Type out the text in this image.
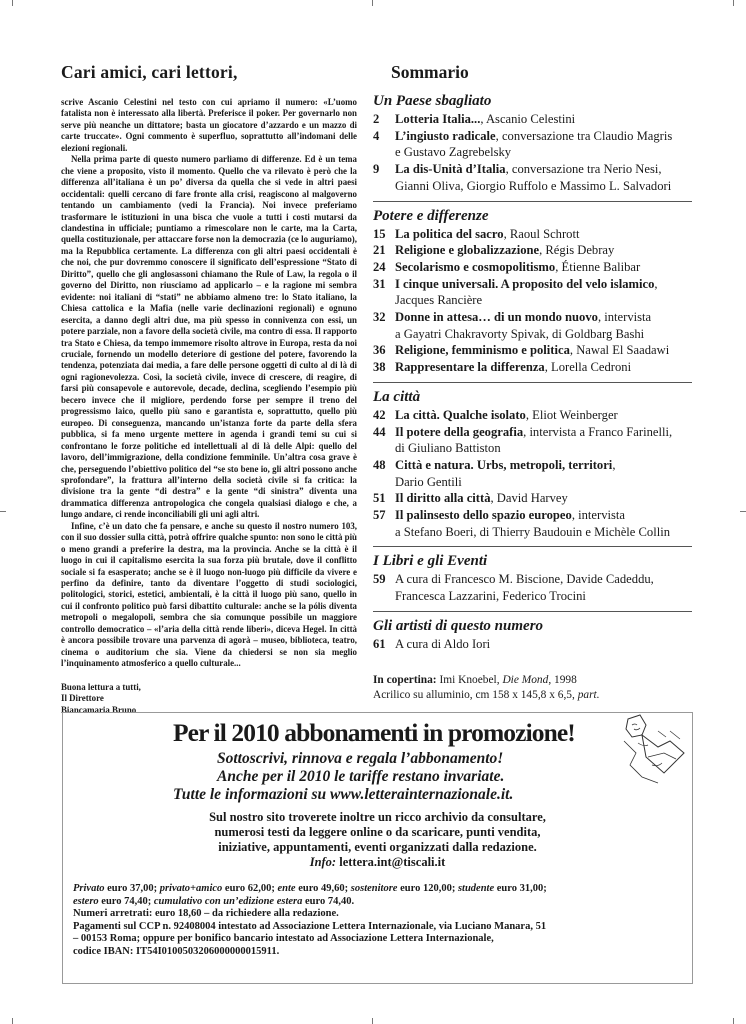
Cari amici, cari lettori,

scrive Ascanio Celestini nel testo con cui apriamo il numero: «L’uomo fatalista non è interessato alla libertà. Preferisce il poker. Per governarlo non serve più neanche un dittatore; basta un giocatore d’azzardo e un mazzo di carte truccate». Ogni commento è superfluo, soprattutto all’indomani delle elezioni regionali.

Nella prima parte di questo numero parliamo di differenze. Ed è un tema che viene a proposito, visto il momento. Quello che va rilevato è però che la differenza all’italiana è un po’ diversa da quella che si vede in altri paesi occidentali: quelli cercano di fare fronte alla crisi, reagiscono al malgoverno tentando un cambiamento (vedi la Francia). Noi invece preferiamo trasformare le istituzioni in una bisca che vuole a tutti i costi mutarsi da clandestina in ufficiale; puntiamo a rimescolare non le carte, ma la Carta, quella costituzionale, per attaccare forse non la democrazia (ce lo auguriamo), ma la Repubblica certamente. La differenza con gli altri paesi occidentali è che noi, che pur dovremmo conoscere il significato dell’espressione “Stato di Diritto”, quello che gli anglosassoni chiamano the Rule of Law, la regola o il governo del Diritto, non riusciamo ad applicarlo – e la ragione mi sembra evidente: noi italiani di “stati” ne abbiamo almeno tre: lo Stato italiano, la Chiesa cattolica e la Mafia (nelle varie declinazioni regionali) e ognuno esercita, a danno degli altri due, ma più spesso in connivenza con essi, un potere parziale, non a favore della società civile, ma contro di essa. Il rapporto tra Stato e Chiesa, da tempo immemore risolto altrove in Europa, resta da noi cruciale, fornendo un modello deteriore di gestione del potere, favorendo la tendenza, potenziata dai media, a fare delle persone oggetti di culto al di là di ogni ragionevolezza. Così, la società civile, invece di crescere, di reagire, di farsi più consapevole e autorevole, decade, declina, scegliendo l’esempio più becero invece che il migliore, perdendo forse per sempre il treno del progressismo laico, quello più sano e garantista e, soprattutto, quello più europeo. Di conseguenza, mancando un’istanza forte da parte della sfera pubblica, si fa meno urgente mettere in agenda i grandi temi su cui si confrontano le forze politiche ed intellettuali al di là delle Alpi: quello del lavoro, dell’immigrazione, della condizione femminile. Un’altra cosa grave è che, perseguendo l’obiettivo politico del “se sto bene io, gli altri possono anche sprofondare”, la frattura all’interno della società civile si fa critica: la divisione tra la gente “di destra” e la gente “di sinistra” diventa una drammatica differenza antropologica che congela qualsiasi dialogo e che, a lungo andare, ci rende inconciliabili gli uni agli altri.

Infine, c’è un dato che fa pensare, e anche su questo il nostro numero 103, con il suo dossier sulla città, potrà offrire qualche spunto: non sono le città più o meno grandi a preferire la destra, ma la provincia. Anche se la città è il luogo in cui il capitalismo esercita la sua forza più brutale, dove il conflitto sociale si fa esasperato; anche se è il luogo non-luogo più difficile da vivere e perfino da definire, tanto da diventare l’oggetto di studi sociologici, politologici, storici, estetici, ambientali, è la città il luogo più sano, quello in cui il confronto politico può farsi dibattito culturale: anche se la pólis diventa metropoli o megalopoli, sembra che sia comunque possibile un maggiore controllo democratico – «l’aria della città rende liberi», diceva Hegel. In città è ancora possibile trovare una parvenza di agorà – museo, biblioteca, teatro, cinema o auditorium che sia. Viene da chiedersi se non sia meglio l’inquinamento atmosferico a quello culturale...

Buona lettura a tutti,
Il Direttore
Biancamaria Bruno
Sommario
Un Paese sbagliato
2 Lotteria Italia..., Ascanio Celestini
4 L’ingiusto radicale, conversazione tra Claudio Magris
e Gustavo Zagrebelsky
9 La dis-Unità d’Italia, conversazione tra Nerio Nesi,
Gianni Oliva, Giorgio Ruffolo e Massimo L. Salvadori
Potere e differenze
15 La politica del sacro, Raoul Schrott
21 Religione e globalizzazione, Régis Debray
24 Secolarismo e cosmopolitismo, Étienne Balibar
31 I cinque universali. A proposito del velo islamico,
Jacques Rancière
32 Donne in attesa… di un mondo nuovo, intervista
a Gayatri Chakravorty Spivak, di Goldbarg Bashi
36 Religione, femminismo e politica, Nawal El Saadawi
38 Rappresentare la differenza, Lorella Cedroni
La città
42 La città. Qualche isolato, Eliot Weinberger
44 Il potere della geografia, intervista a Franco Farinelli,
di Giuliano Battiston
48 Città e natura. Urbs, metropoli, territori,
Dario Gentili
51 Il diritto alla città, David Harvey
57 Il palinsesto dello spazio europeo, intervista
a Stefano Boeri, di Thierry Baudouin e Michèle Collin
I Libri e gli Eventi
59 A cura di Francesco M. Biscione, Davide Cadeddu,
Francesca Lazzarini, Federico Trocini
Gli artisti di questo numero
61 A cura di Aldo Iori
In copertina: Imi Knoebel, Die Mond, 1998
Acrilico su alluminio, cm 158 x 145,8 x 6,5, part.
Per il 2010 abbonamenti in promozione!
Sottoscrivi, rinnova e regala l’abbonamento!
Anche per il 2010 le tariffe restano invariate.
Tutte le informazioni su www.letterainternazionale.it.
Sul nostro sito troverete inoltre un ricco archivio da consultare,
numerosi testi da leggere online o da scaricare, punti vendita,
iniziative, appuntamenti, eventi organizzati dalla redazione.
Info: lettera.int@tiscali.it
Privato euro 37,00; privato+amico euro 62,00; ente euro 49,60; sostenitore euro 120,00; studente euro 31,00;
estero euro 74,40; cumulativo con un’edizione estera euro 74,40.
Numeri arretrati: euro 18,60 – da richiedere alla redazione.
Pagamenti sul CCP n. 92408004 intestato ad Associazione Lettera Internazionale, via Luciano Manara, 51
– 00153 Roma; oppure per bonifico bancario intestato ad Associazione Lettera Internazionale,
codice IBAN: IT54I0100503206000000015911.
